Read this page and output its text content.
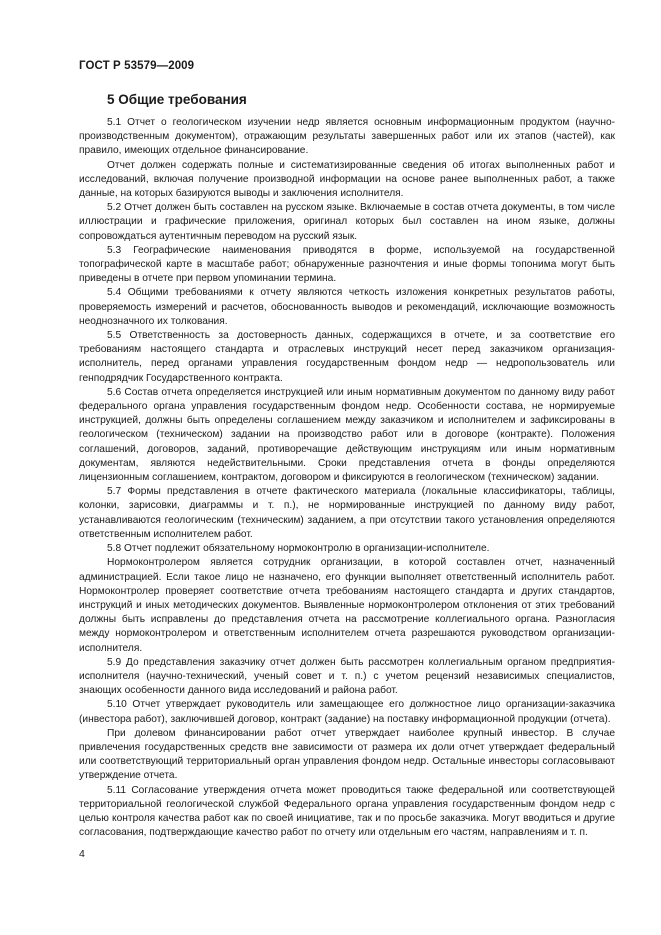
ГОСТ Р 53579—2009
5 Общие требования

5.1 Отчет о геологическом изучении недр является основным информационным продуктом (научно-производственным документом), отражающим результаты завершенных работ или их этапов (частей), как правило, имеющих отдельное финансирование.

Отчет должен содержать полные и систематизированные сведения об итогах выполненных работ и исследований, включая получение производной информации на основе ранее выполненных работ, а также данные, на которых базируются выводы и заключения исполнителя.

5.2 Отчет должен быть составлен на русском языке. Включаемые в состав отчета документы, в том числе иллюстрации и графические приложения, оригинал которых был составлен на ином языке, должны сопровождаться аутентичным переводом на русский язык.

5.3 Географические наименования приводятся в форме, используемой на государственной топографической карте в масштабе работ; обнаруженные разночтения и иные формы топонима могут быть приведены в отчете при первом упоминании термина.

5.4 Общими требованиями к отчету являются четкость изложения конкретных результатов работы, проверяемость измерений и расчетов, обоснованность выводов и рекомендаций, исключающие возможность неоднозначного их толкования.

5.5 Ответственность за достоверность данных, содержащихся в отчете, и за соответствие его требованиям настоящего стандарта и отраслевых инструкций несет перед заказчиком организация-исполнитель, перед органами управления государственным фондом недр — недропользователь или генподрядчик Государственного контракта.

5.6 Состав отчета определяется инструкцией или иным нормативным документом по данному виду работ федерального органа управления государственным фондом недр. Особенности состава, не нормируемые инструкцией, должны быть определены соглашением между заказчиком и исполнителем и зафиксированы в геологическом (техническом) задании на производство работ или в договоре (контракте). Положения соглашений, договоров, заданий, противоречащие действующим инструкциям или иным нормативным документам, являются недействительными. Сроки представления отчета в фонды определяются лицензионным соглашением, контрактом, договором и фиксируются в геологическом (техническом) задании.

5.7 Формы представления в отчете фактического материала (локальные классификаторы, таблицы, колонки, зарисовки, диаграммы и т. п.), не нормированные инструкцией по данному виду работ, устанавливаются геологическим (техническим) заданием, а при отсутствии такого установления определяются ответственным исполнителем работ.

5.8 Отчет подлежит обязательному нормоконтролю в организации-исполнителе.

Нормоконтролером является сотрудник организации, в которой составлен отчет, назначенный администрацией. Если такое лицо не назначено, его функции выполняет ответственный исполнитель работ. Нормоконтролер проверяет соответствие отчета требованиям настоящего стандарта и других стандартов, инструкций и иных методических документов. Выявленные нормоконтролером отклонения от этих требований должны быть исправлены до представления отчета на рассмотрение коллегиального органа. Разногласия между нормоконтролером и ответственным исполнителем отчета разрешаются руководством организации-исполнителя.

5.9 До представления заказчику отчет должен быть рассмотрен коллегиальным органом предприятия-исполнителя (научно-технический, ученый совет и т. п.) с учетом рецензий независимых специалистов, знающих особенности данного вида исследований и района работ.

5.10 Отчет утверждает руководитель или замещающее его должностное лицо организации-заказчика (инвестора работ), заключившей договор, контракт (задание) на поставку информационной продукции (отчета).

При долевом финансировании работ отчет утверждает наиболее крупный инвестор. В случае привлечения государственных средств вне зависимости от размера их доли отчет утверждает федеральный или соответствующий территориальный орган управления фондом недр. Остальные инвесторы согласовывают утверждение отчета.

5.11 Согласование утверждения отчета может проводиться также федеральной или соответствующей территориальной геологической службой Федерального органа управления государственным фондом недр с целью контроля качества работ как по своей инициативе, так и по просьбе заказчика. Могут вводиться и другие согласования, подтверждающие качество работ по отчету или отдельным его частям, направлениям и т. п.

4
